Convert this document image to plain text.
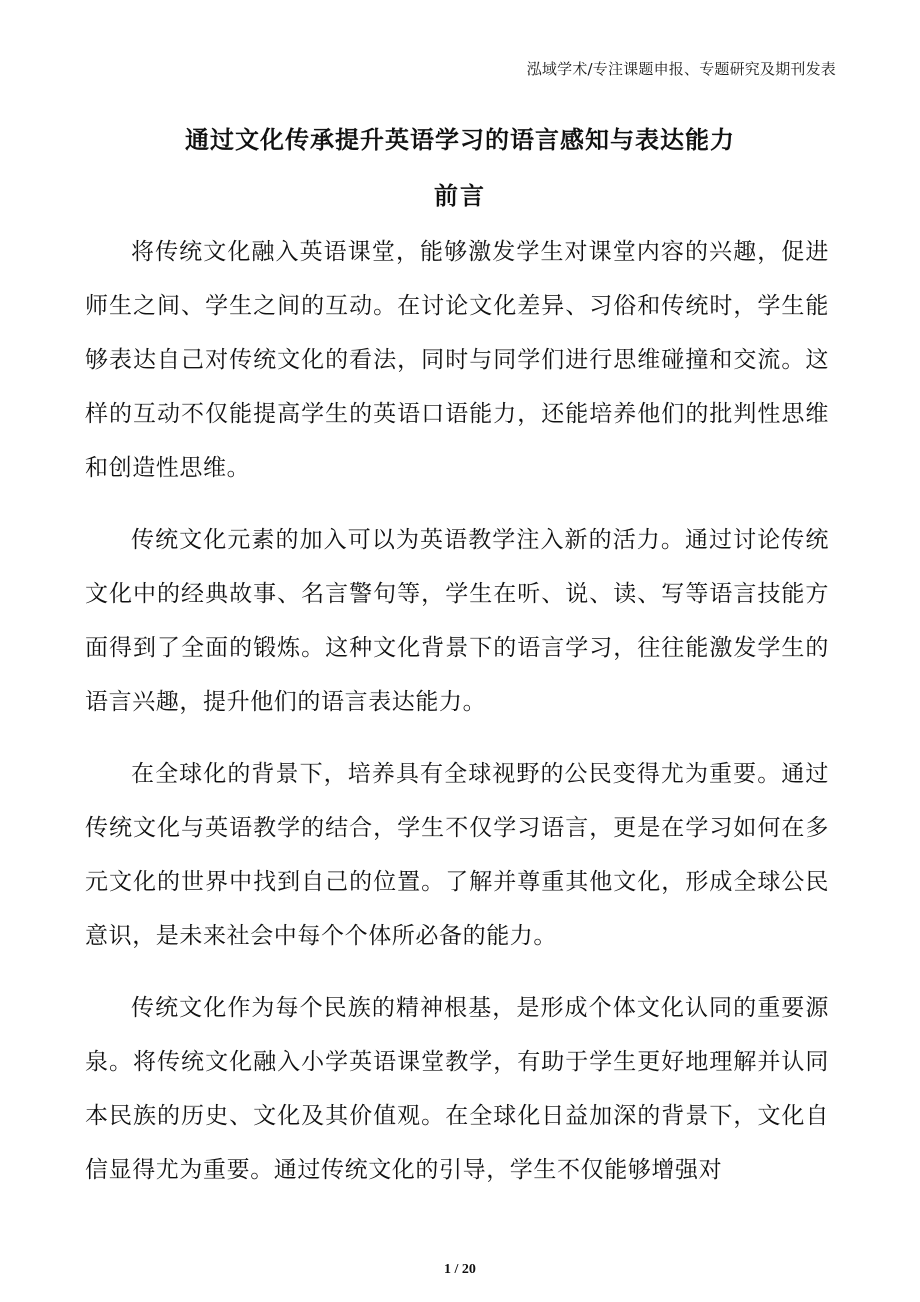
泓域学术/专注课题申报、专题研究及期刊发表
通过文化传承提升英语学习的语言感知与表达能力
前言

将传统文化融入英语课堂，能够激发学生对课堂内容的兴趣，促进师生之间、学生之间的互动。在讨论文化差异、习俗和传统时，学生能够表达自己对传统文化的看法，同时与同学们进行思维碰撞和交流。这样的互动不仅能提高学生的英语口语能力，还能培养他们的批判性思维和创造性思维。

传统文化元素的加入可以为英语教学注入新的活力。通过讨论传统文化中的经典故事、名言警句等，学生在听、说、读、写等语言技能方面得到了全面的锻炼。这种文化背景下的语言学习，往往能激发学生的语言兴趣，提升他们的语言表达能力。

在全球化的背景下，培养具有全球视野的公民变得尤为重要。通过传统文化与英语教学的结合，学生不仅学习语言，更是在学习如何在多元文化的世界中找到自己的位置。了解并尊重其他文化，形成全球公民意识，是未来社会中每个个体所必备的能力。

传统文化作为每个民族的精神根基，是形成个体文化认同的重要源泉。将传统文化融入小学英语课堂教学，有助于学生更好地理解并认同本民族的历史、文化及其价值观。在全球化日益加深的背景下，文化自信显得尤为重要。通过传统文化的引导，学生不仅能够增强对

1 / 20
